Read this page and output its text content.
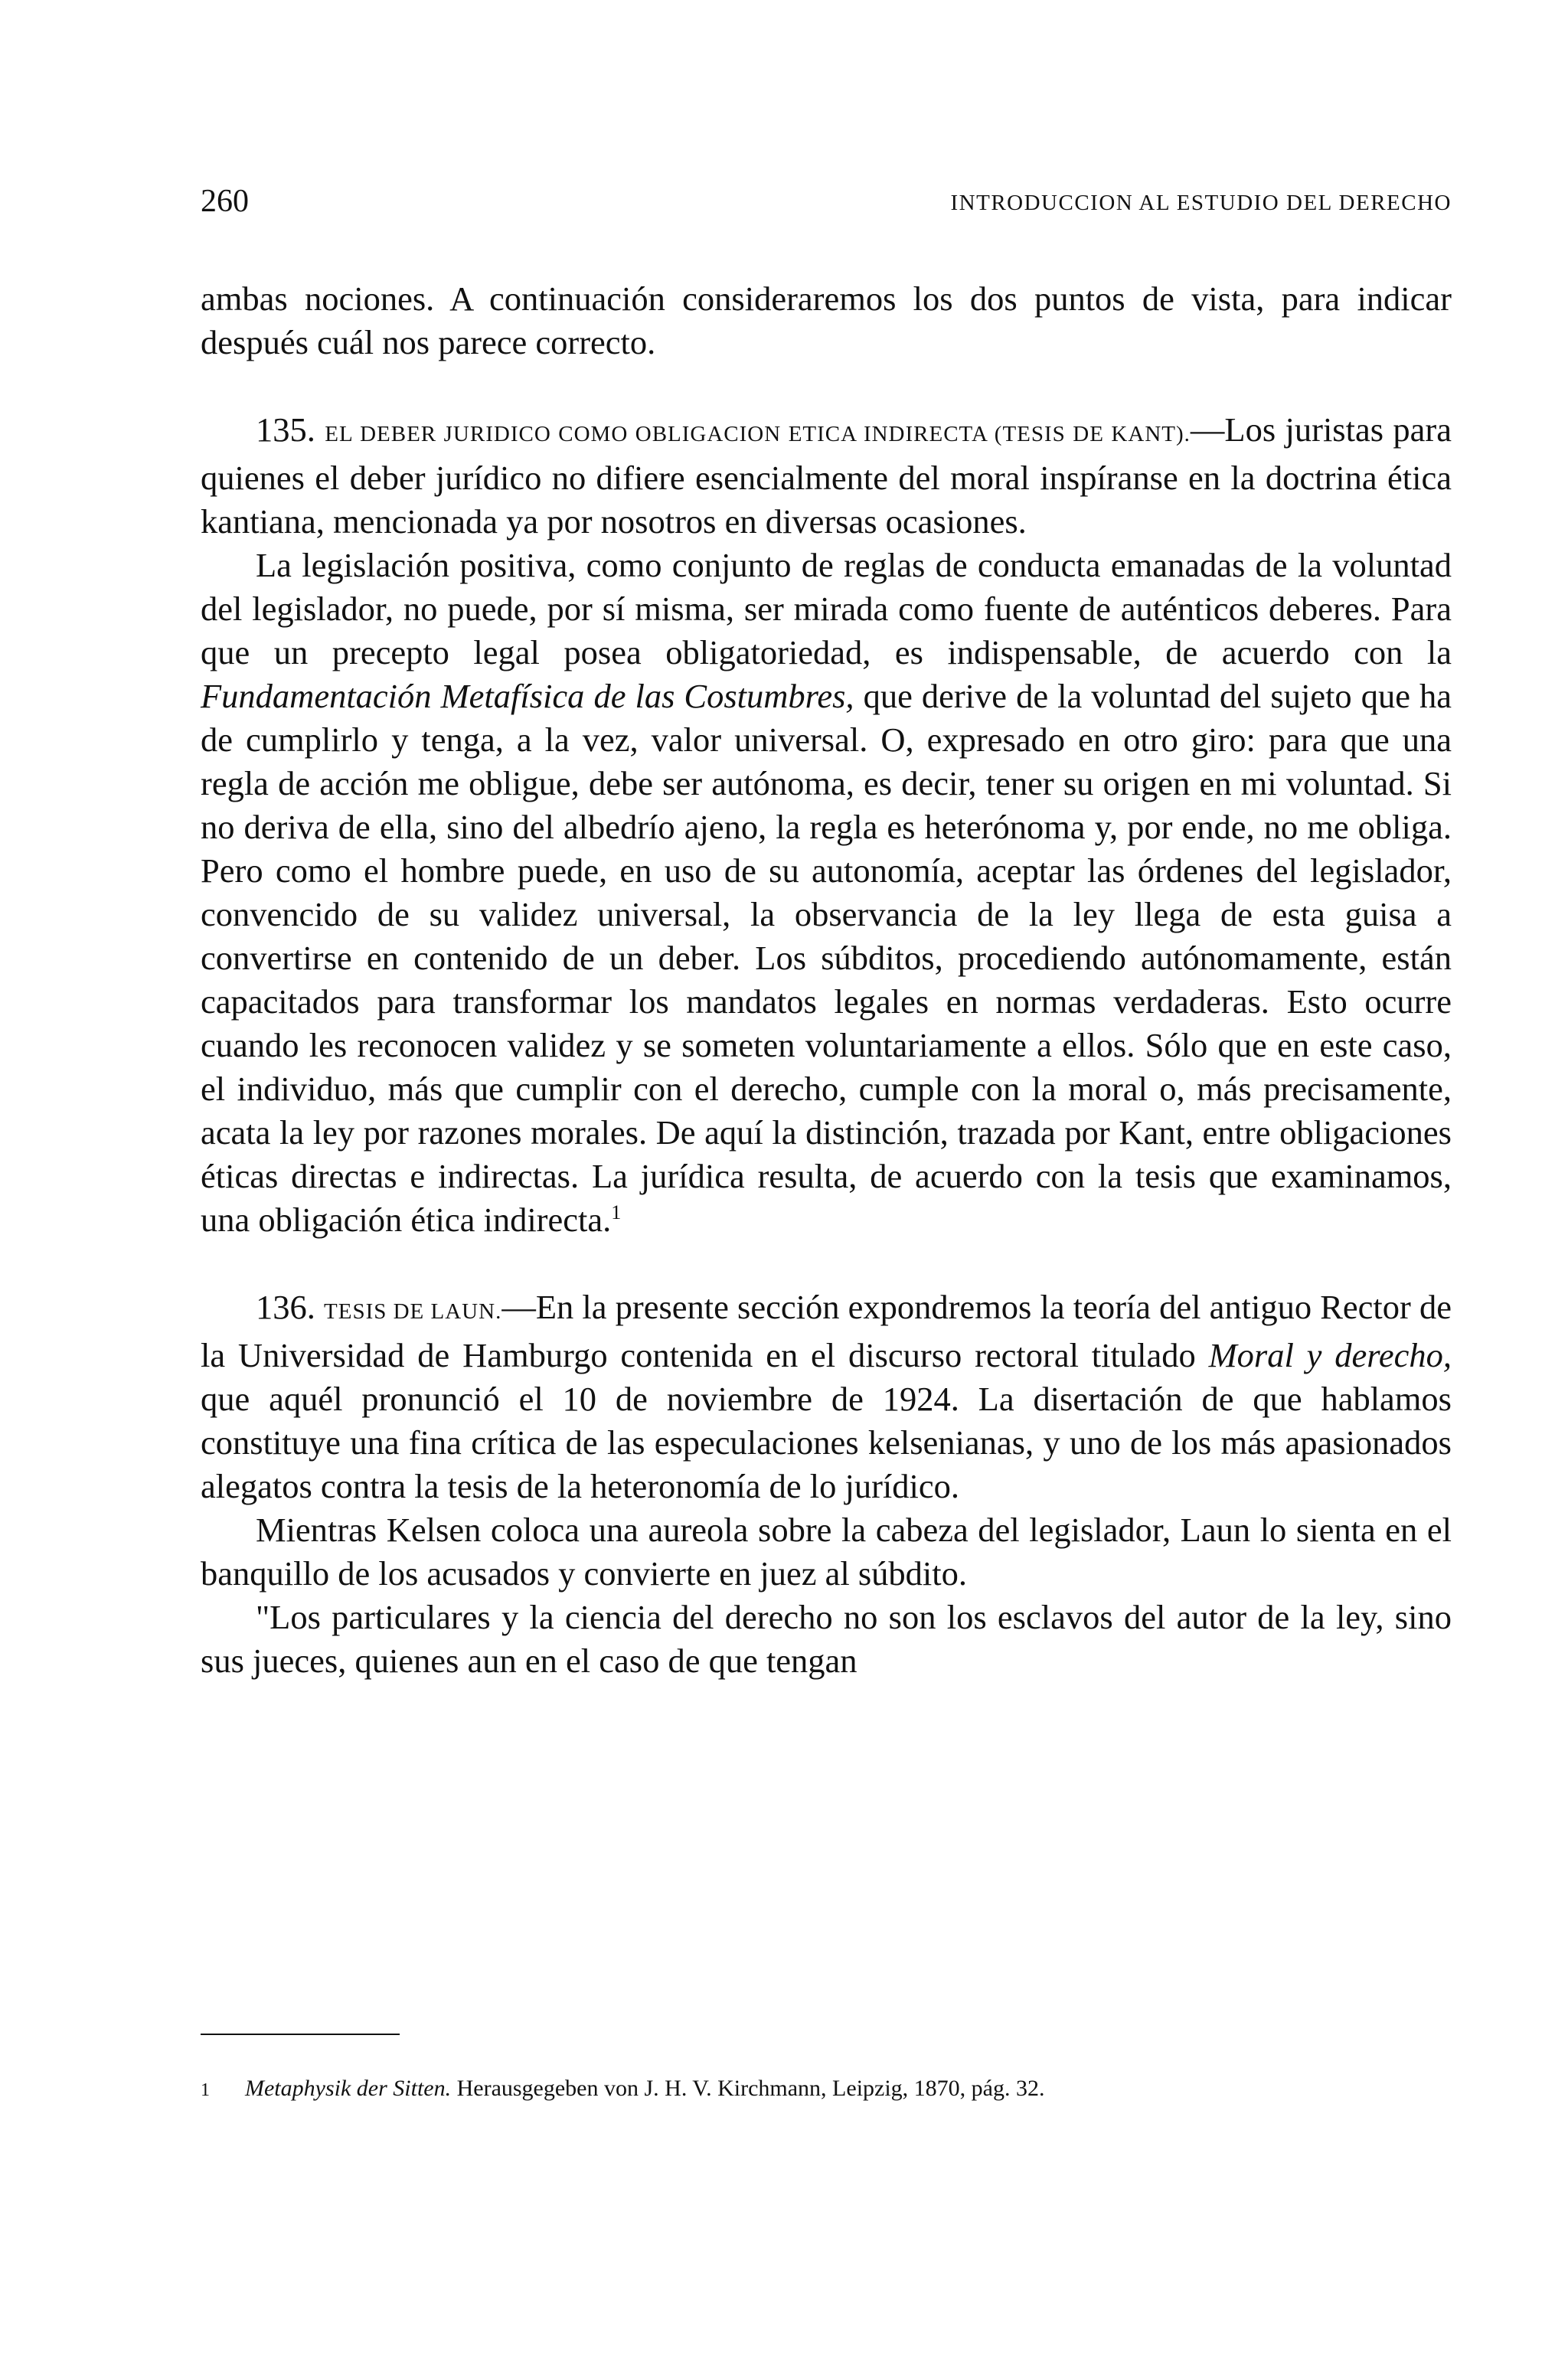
260	INTRODUCCION AL ESTUDIO DEL DERECHO

ambas nociones. A continuación consideraremos los dos puntos de vista, para indicar después cuál nos parece correcto.

135. EL DEBER JURIDICO COMO OBLIGACION ETICA INDIRECTA (TESIS DE KANT).—Los juristas para quienes el deber jurídico no difiere esencialmente del moral inspíranse en la doctrina ética kantiana, mencionada ya por nosotros en diversas ocasiones.

La legislación positiva, como conjunto de reglas de conducta emanadas de la voluntad del legislador, no puede, por sí misma, ser mirada como fuente de auténticos deberes. Para que un precepto legal posea obligatoriedad, es indispensable, de acuerdo con la Fundamentación Metafísica de las Costumbres, que derive de la voluntad del sujeto que ha de cumplirlo y tenga, a la vez, valor universal. O, expresado en otro giro: para que una regla de acción me obligue, debe ser autónoma, es decir, tener su origen en mi voluntad. Si no deriva de ella, sino del albedrío ajeno, la regla es heterónoma y, por ende, no me obliga. Pero como el hombre puede, en uso de su autonomía, aceptar las órdenes del legislador, convencido de su validez universal, la observancia de la ley llega de esta guisa a convertirse en contenido de un deber. Los súbditos, procediendo autónomamente, están capacitados para transformar los mandatos legales en normas verdaderas. Esto ocurre cuando les reconocen validez y se someten voluntariamente a ellos. Sólo que en este caso, el individuo, más que cumplir con el derecho, cumple con la moral o, más precisamente, acata la ley por razones morales. De aquí la distinción, trazada por Kant, entre obligaciones éticas directas e indirectas. La jurídica resulta, de acuerdo con la tesis que examinamos, una obligación ética indirecta.$^1$

136. TESIS DE LAUN.—En la presente sección expondremos la teoría del antiguo Rector de la Universidad de Hamburgo contenida en el discurso rectoral titulado Moral y derecho, que aquél pronunció el 10 de noviembre de 1924. La disertación de que hablamos constituye una fina crítica de las especulaciones kelsenianas, y uno de los más apasionados alegatos contra la tesis de la heteronomía de lo jurídico.

Mientras Kelsen coloca una aureola sobre la cabeza del legislador, Laun lo sienta en el banquillo de los acusados y convierte en juez al súbdito.

"Los particulares y la ciencia del derecho no son los esclavos del autor de la ley, sino sus jueces, quienes aun en el caso de que tengan

1 Metaphysik der Sitten. Herausgegeben von J. H. V. Kirchmann, Leipzig, 1870, pág. 32.
